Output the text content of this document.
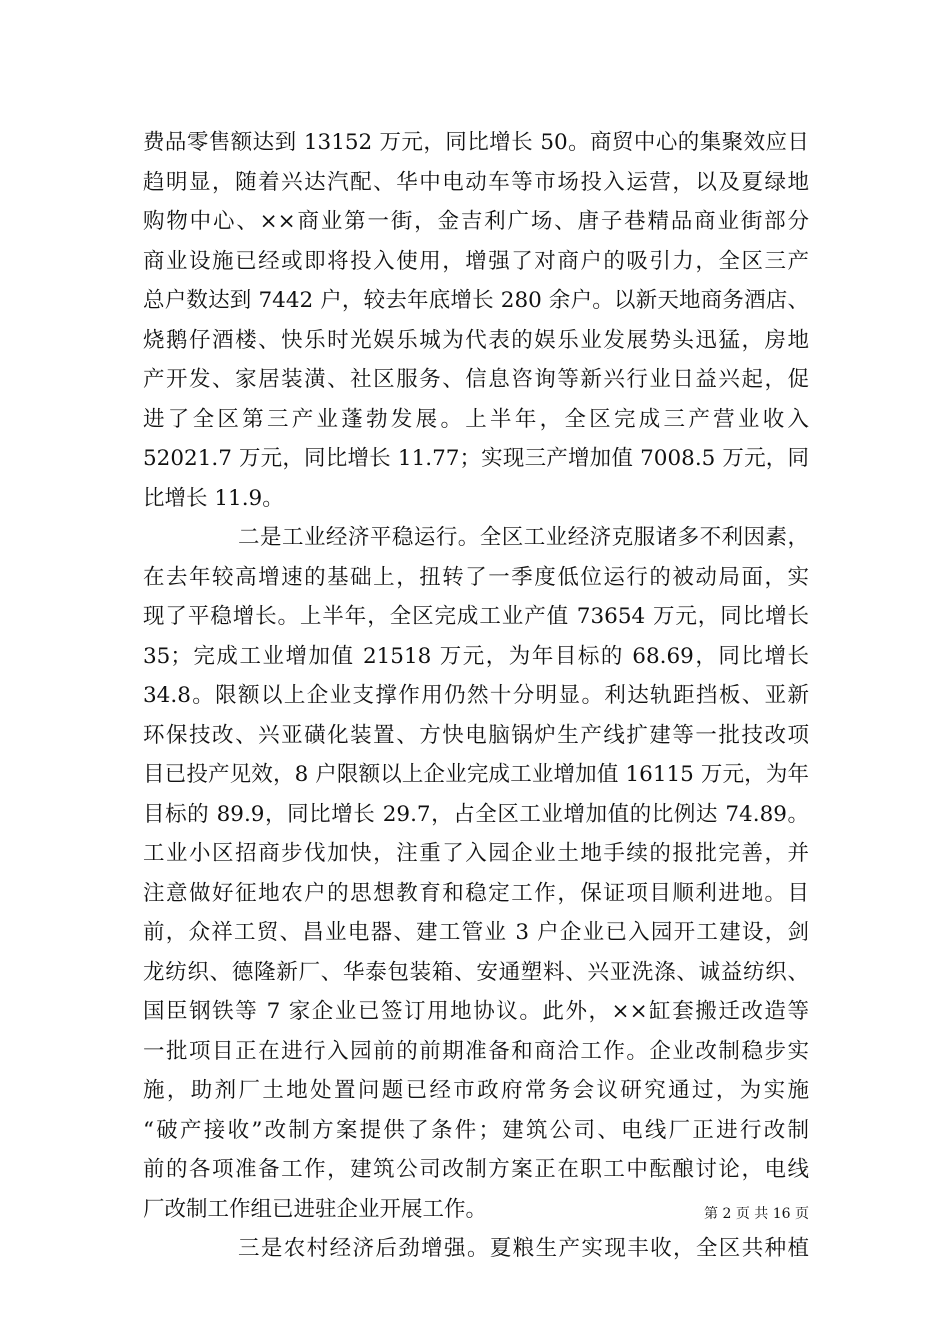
费品零售额达到 13152 万元，同比增长 50。商贸中心的集聚效应日
趋明显，随着兴达汽配、华中电动车等市场投入运营，以及夏绿地
购物中心、××商业第一街，金吉利广场、唐子巷精品商业街部分
商业设施已经或即将投入使用，增强了对商户的吸引力，全区三产
总户数达到 7442 户，较去年底增长 280 余户。以新天地商务酒店、
烧鹅仔酒楼、快乐时光娱乐城为代表的娱乐业发展势头迅猛，房地
产开发、家居装潢、社区服务、信息咨询等新兴行业日益兴起，促
进了全区第三产业蓬勃发展。上半年，全区完成三产营业收入
52021.7 万元，同比增长 11.77；实现三产增加值 7008.5 万元，同
比增长 11.9。
二是工业经济平稳运行。全区工业经济克服诸多不利因素，
在去年较高增速的基础上，扭转了一季度低位运行的被动局面，实
现了平稳增长。上半年，全区完成工业产值 73654 万元，同比增长
35；完成工业增加值 21518 万元，为年目标的 68.69，同比增长
34.8。限额以上企业支撑作用仍然十分明显。利达轨距挡板、亚新
环保技改、兴亚磺化装置、方快电脑锅炉生产线扩建等一批技改项
目已投产见效，8 户限额以上企业完成工业增加值 16115 万元，为年
目标的 89.9，同比增长 29.7，占全区工业增加值的比例达 74.89。
工业小区招商步伐加快，注重了入园企业土地手续的报批完善，并
注意做好征地农户的思想教育和稳定工作，保证项目顺利进地。目
前，众祥工贸、昌业电器、建工管业 3 户企业已入园开工建设，剑
龙纺织、德隆新厂、华泰包装箱、安通塑料、兴亚洗涤、诚益纺织、
国臣钢铁等 7 家企业已签订用地协议。此外，××缸套搬迁改造等
一批项目正在进行入园前的前期准备和商洽工作。企业改制稳步实
施，助剂厂土地处置问题已经市政府常务会议研究通过，为实施
“破产接收”改制方案提供了条件；建筑公司、电线厂正进行改制
前的各项准备工作，建筑公司改制方案正在职工中酝酿讨论，电线
厂改制工作组已进驻企业开展工作。
三是农村经济后劲增强。夏粮生产实现丰收，全区共种植
第 2 页 共 16 页
